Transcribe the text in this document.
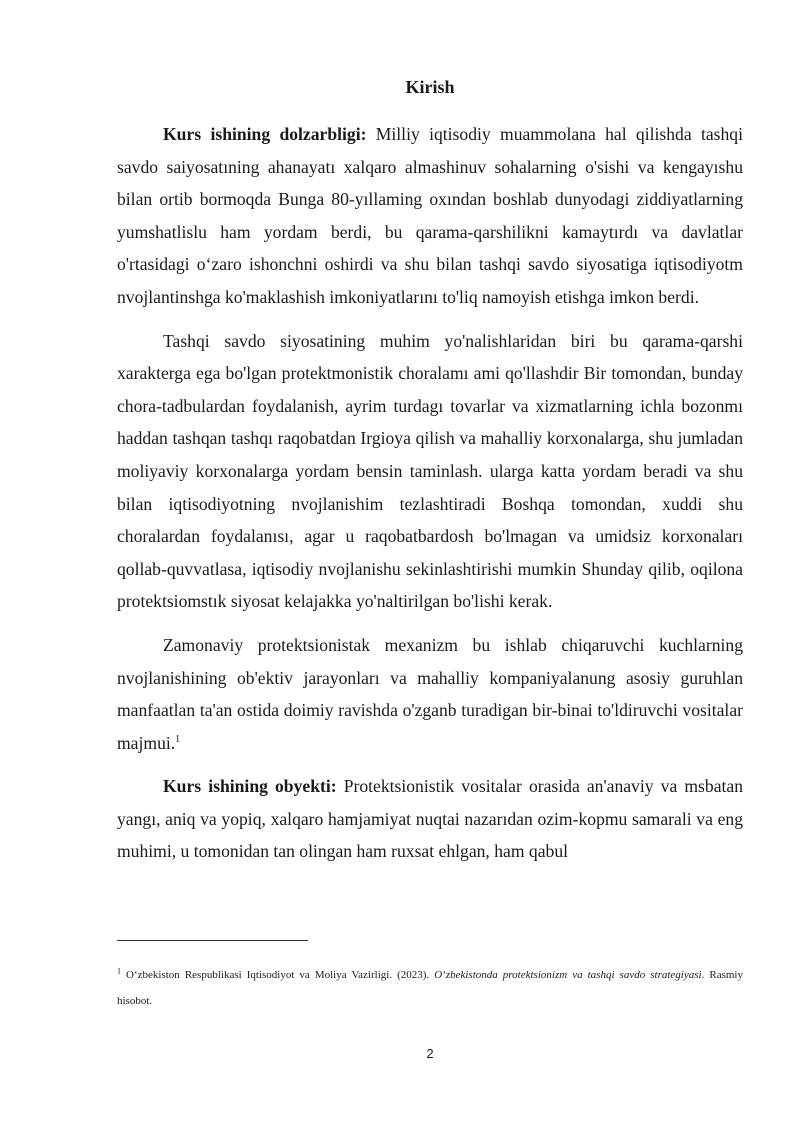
Kirish

Kurs ishining dolzarbligi: Milliy iqtisodiy muammolana hal qilishda tashqi savdo saiyosatıning ahanayatı xalqaro almashinuv sohalarning o'sishi va kengayıshu bilan ortib bormoqda Bunga 80-yıllaming oxından boshlab dunyodagi ziddiyatlarning yumshatlislu ham yordam berdi, bu qarama-qarshilikni kamaytırdı va davlatlar o'rtasidagi o‘zaro ishonchni oshirdi va shu bilan tashqi savdo siyosatiga iqtisodiyotm nvojlantinshga ko'maklashish imkoniyatlarını to'liq namoyish etishga imkon berdi.

Tashqi savdo siyosatining muhim yo'nalishlaridan biri bu qarama-qarshi xarakterga ega bo'lgan protektmonistik choralamı ami qo'llashdir Bir tomondan, bunday chora-tadbulardan foydalanish, ayrim turdagı tovarlar va xizmatlarning ichla bozonmı haddan tashqan tashqı raqobatdan Irgioya qilish va mahalliy korxonalarga, shu jumladan moliyaviy korxonalarga yordam bensin taminlash. ularga katta yordam beradi va shu bilan iqtisodiyotning nvojlanishim tezlashtiradi Boshqa tomondan, xuddi shu choralardan foydalanısı, agar u raqobatbardosh bo'lmagan va umidsiz korxonaları qollab-quvvatlasa, iqtisodiy nvojlanishu sekinlashtirishi mumkin Shunday qilib, oqilona protektsiomstık siyosat kelajakka yo'naltirilgan bo'lishi kerak.

Zamonaviy protektsionistak mexanizm bu ishlab chiqaruvchi kuchlarning nvojlanishining ob'ektiv jarayonları va mahalliy kompaniyalanung asosiy guruhlan manfaatlan ta'an ostida doimiy ravishda o'zganb turadigan bir-binai to'ldiruvchi vositalar majmui.$^1$

Kurs ishining obyekti: Protektsionistik vositalar orasida an'anaviy va msbatan yangı, aniq va yopiq, xalqaro hamjamiyat nuqtai nazarıdan ozim-kopmu samarali va eng muhimi, u tomonidan tan olingan ham ruxsat ehlgan, ham qabul

$^1$ O‘zbekiston Respublikasi Iqtisodiyot va Moliya Vazirligi. (2023). O‘zbekistonda protektsionizm va tashqi savdo strategiyasi. Rasmiy hisobot.
2
